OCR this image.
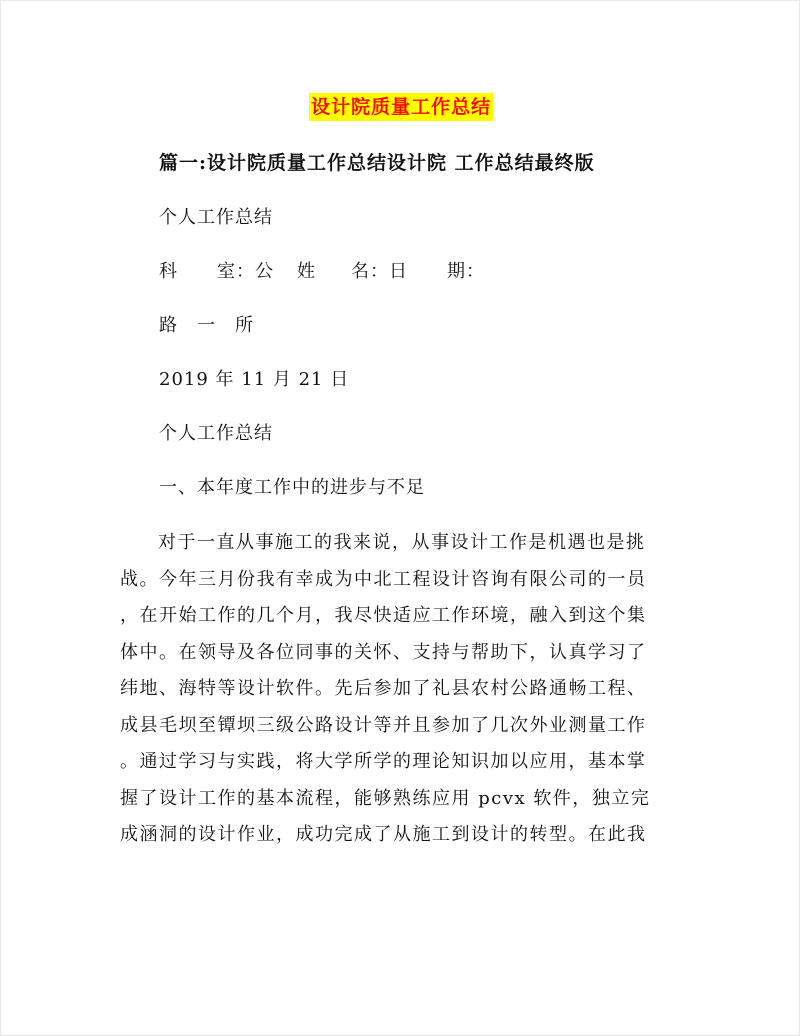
设计院质量工作总结
篇一:设计院质量工作总结设计院 工作总结最终版
个人工作总结
科 室：公 姓 名：日 期：
路　一　所
2019 年 11 月 21 日
个人工作总结
一、本年度工作中的进步与不足
对于一直从事施工的我来说，从事设计工作是机遇也是挑
战。今年三月份我有幸成为中北工程设计咨询有限公司的一员
，在开始工作的几个月，我尽快适应工作环境，融入到这个集
体中。在领导及各位同事的关怀、支持与帮助下，认真学习了
纬地、海特等设计软件。先后参加了礼县农村公路通畅工程、
成县毛坝至镡坝三级公路设计等并且参加了几次外业测量工作
。通过学习与实践，将大学所学的理论知识加以应用，基本掌
握了设计工作的基本流程，能够熟练应用 pcvx 软件，独立完
成涵洞的设计作业，成功完成了从施工到设计的转型。在此我
